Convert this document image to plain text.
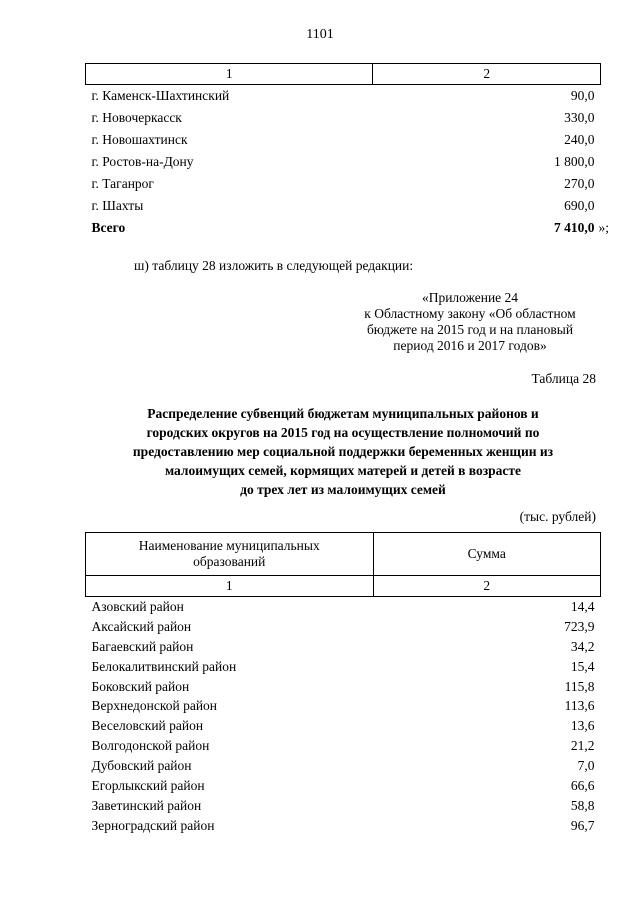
1101
1	2
г. Каменск-Шахтинский	90,0
г. Новочеркасск	330,0
г. Новошахтинск	240,0
г. Ростов-на-Дону	1 800,0
г. Таганрог	270,0
г. Шахты	690,0
Всего	7 410,0 »;
ш) таблицу 28 изложить в следующей редакции:
«Приложение 24
к Областному закону «Об областном
бюджете на 2015 год и на плановый
период 2016 и 2017 годов»
Таблица 28
Распределение субвенций бюджетам муниципальных районов и
городских округов на 2015 год на осуществление полномочий по
предоставлению мер социальной поддержки беременных женщин из
малоимущих семей, кормящих матерей и детей в возрасте
до трех лет из малоимущих семей
(тыс. рублей)
Наименование муниципальных
образований	Сумма
1	2
Азовский район	14,4
Аксайский район	723,9
Багаевский район	34,2
Белокалитвинский район	15,4
Боковский район	115,8
Верхнедонской район	113,6
Веселовский район	13,6
Волгодонской район	21,2
Дубовский район	7,0
Егорлыкский район	66,6
Заветинский район	58,8
Зерноградский район	96,7
